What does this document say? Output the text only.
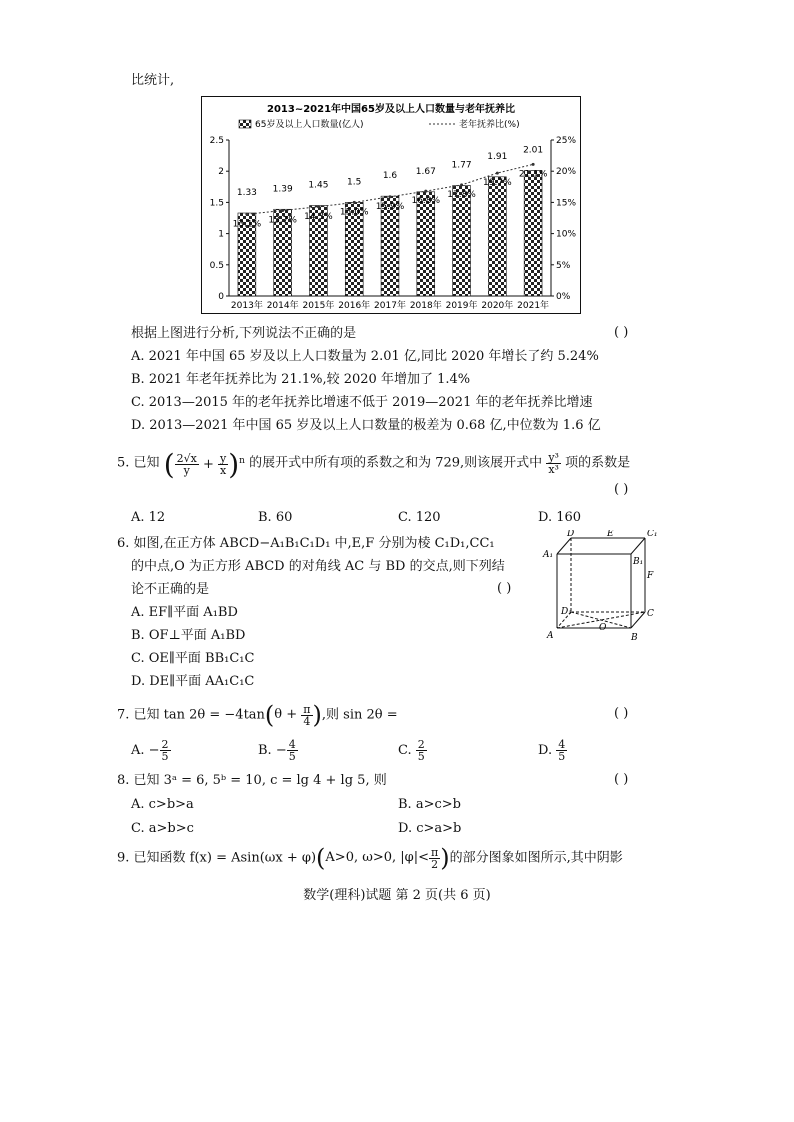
比统计,
2013~2021年中国65岁及以上人口数量与老年抚养比
65岁及以上人口数量(亿人)	老年抚养比(%)
0
0.5
1
1.5
2
2.5
0%
5%
10%
15%
20%
25%
1.33
13.1%
2013年
1.39
13.7%
2014年
1.45
14.3%
2015年
1.5
15.0%
2016年
1.6
15.9%
2017年
1.67
16.8%
2018年
1.77
17.8%
2019年
1.91
19.7%
2020年
2.01
21.1%
2021年
根据上图进行分析,下列说法不正确的是	( )
A. 2021 年中国 65 岁及以上人口数量为 2.01 亿,同比 2020 年增长了约 5.24%
B. 2021 年老年抚养比为 21.1%,较 2020 年增加了 1.4%
C. 2013—2015 年的老年抚养比增速不低于 2019—2021 年的老年抚养比增速
D. 2013—2021 年中国 65 岁及以上人口数量的极差为 0.68 亿,中位数为 1.6 亿
5. 已知 ( $\frac{2√x}{y} + \frac{y}{x} )^n$ 的展开式中所有项的系数之和为 729,则该展开式中 $\frac{\text{y³}}{\text{x³}}$ 项的系数是
( )
A. 12	B. 60	C. 120	D. 160
6. 如图,在正方体 ABCD−A₁B₁C₁D₁ 中,E,F 分别为棱 C₁D₁,CC₁
的中点,O 为正方形 ABCD 的对角线 AC 与 BD 的交点,则下列结
论不正确的是	( )
A. EF∥平面 A₁BD
B. OF⊥平面 A₁BD
C. OE∥平面 BB₁C₁C
D. DE∥平面 AA₁C₁C
D	E	C₁
A₁
B₁
F
D₁	C
A
O
B
7. 已知 $\tan 2\theta = -4\tan(\theta + \frac{\pi}{4}$ ),则 sin 2θ =	( )
A. − $\frac{2}{5}$	B. − $\frac{4}{5}$	C. $\frac{2}{5}$	D. $\frac{4}{5}$
8. 已知 3ᵃ = 6, 5ᵇ = 10, c = lg 4 + lg 5, 则	( )
A. c>b>a	B. a>c>b
C. a>b>c	D. c>a>b
9. 已知函数 f(x) = Asin(ωx + φ)(A>0, ω>0, $|\varphi|< \frac{\pi}{2}$ )的部分图象如图所示,其中阴影
数学(理科)试题 第 2 页(共 6 页)
